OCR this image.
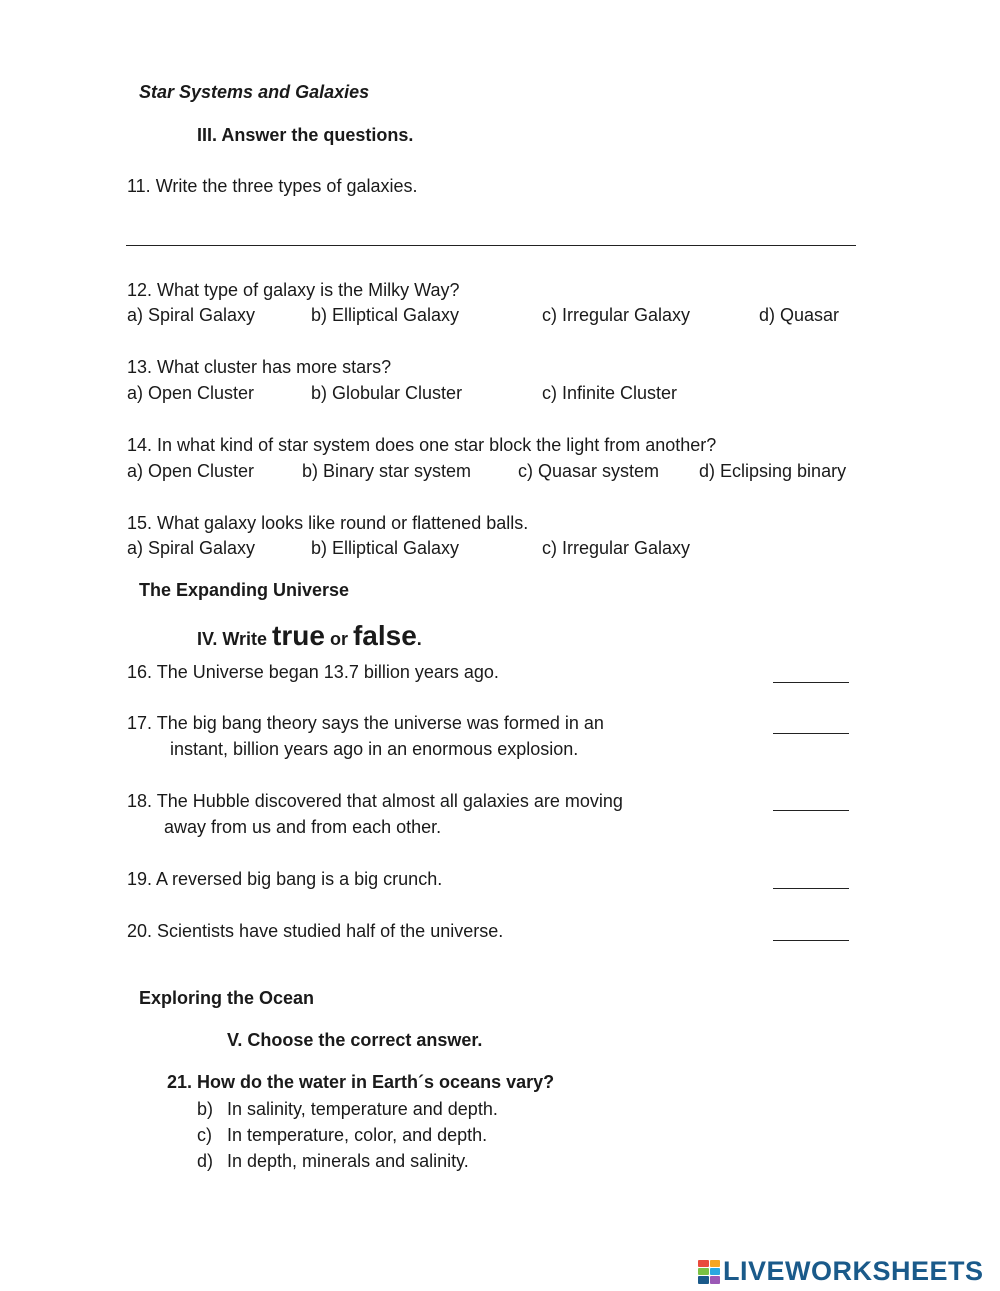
Star Systems and Galaxies
III. Answer the questions.
11. Write the three types of galaxies.
12. What type of galaxy is the Milky Way?
a) Spiral Galaxy	b) Elliptical Galaxy	c) Irregular Galaxy	d) Quasar
13. What cluster has more stars?
a) Open Cluster	b) Globular Cluster	c) Infinite Cluster
14. In what kind of star system does one star block the light from another?
a) Open Cluster	b) Binary star system	c) Quasar system d) Eclipsing binary
15. What galaxy looks like round or flattened balls.
a) Spiral Galaxy	b) Elliptical Galaxy	c) Irregular Galaxy
The Expanding Universe
IV. Write true or false.
16. The Universe began 13.7 billion years ago.
17. The big bang theory says the universe was formed in an
instant, billion years ago in an enormous explosion.
18. The Hubble discovered that almost all galaxies are moving
away from us and from each other.
19. A reversed big bang is a big crunch.
20. Scientists have studied half of the universe.
Exploring the Ocean
V. Choose the correct answer.
21. How do the water in Earth´s oceans vary?
b) In salinity, temperature and depth.
c) In temperature, color, and depth.
d) In depth, minerals and salinity.
LIVEWORKSHEETS
